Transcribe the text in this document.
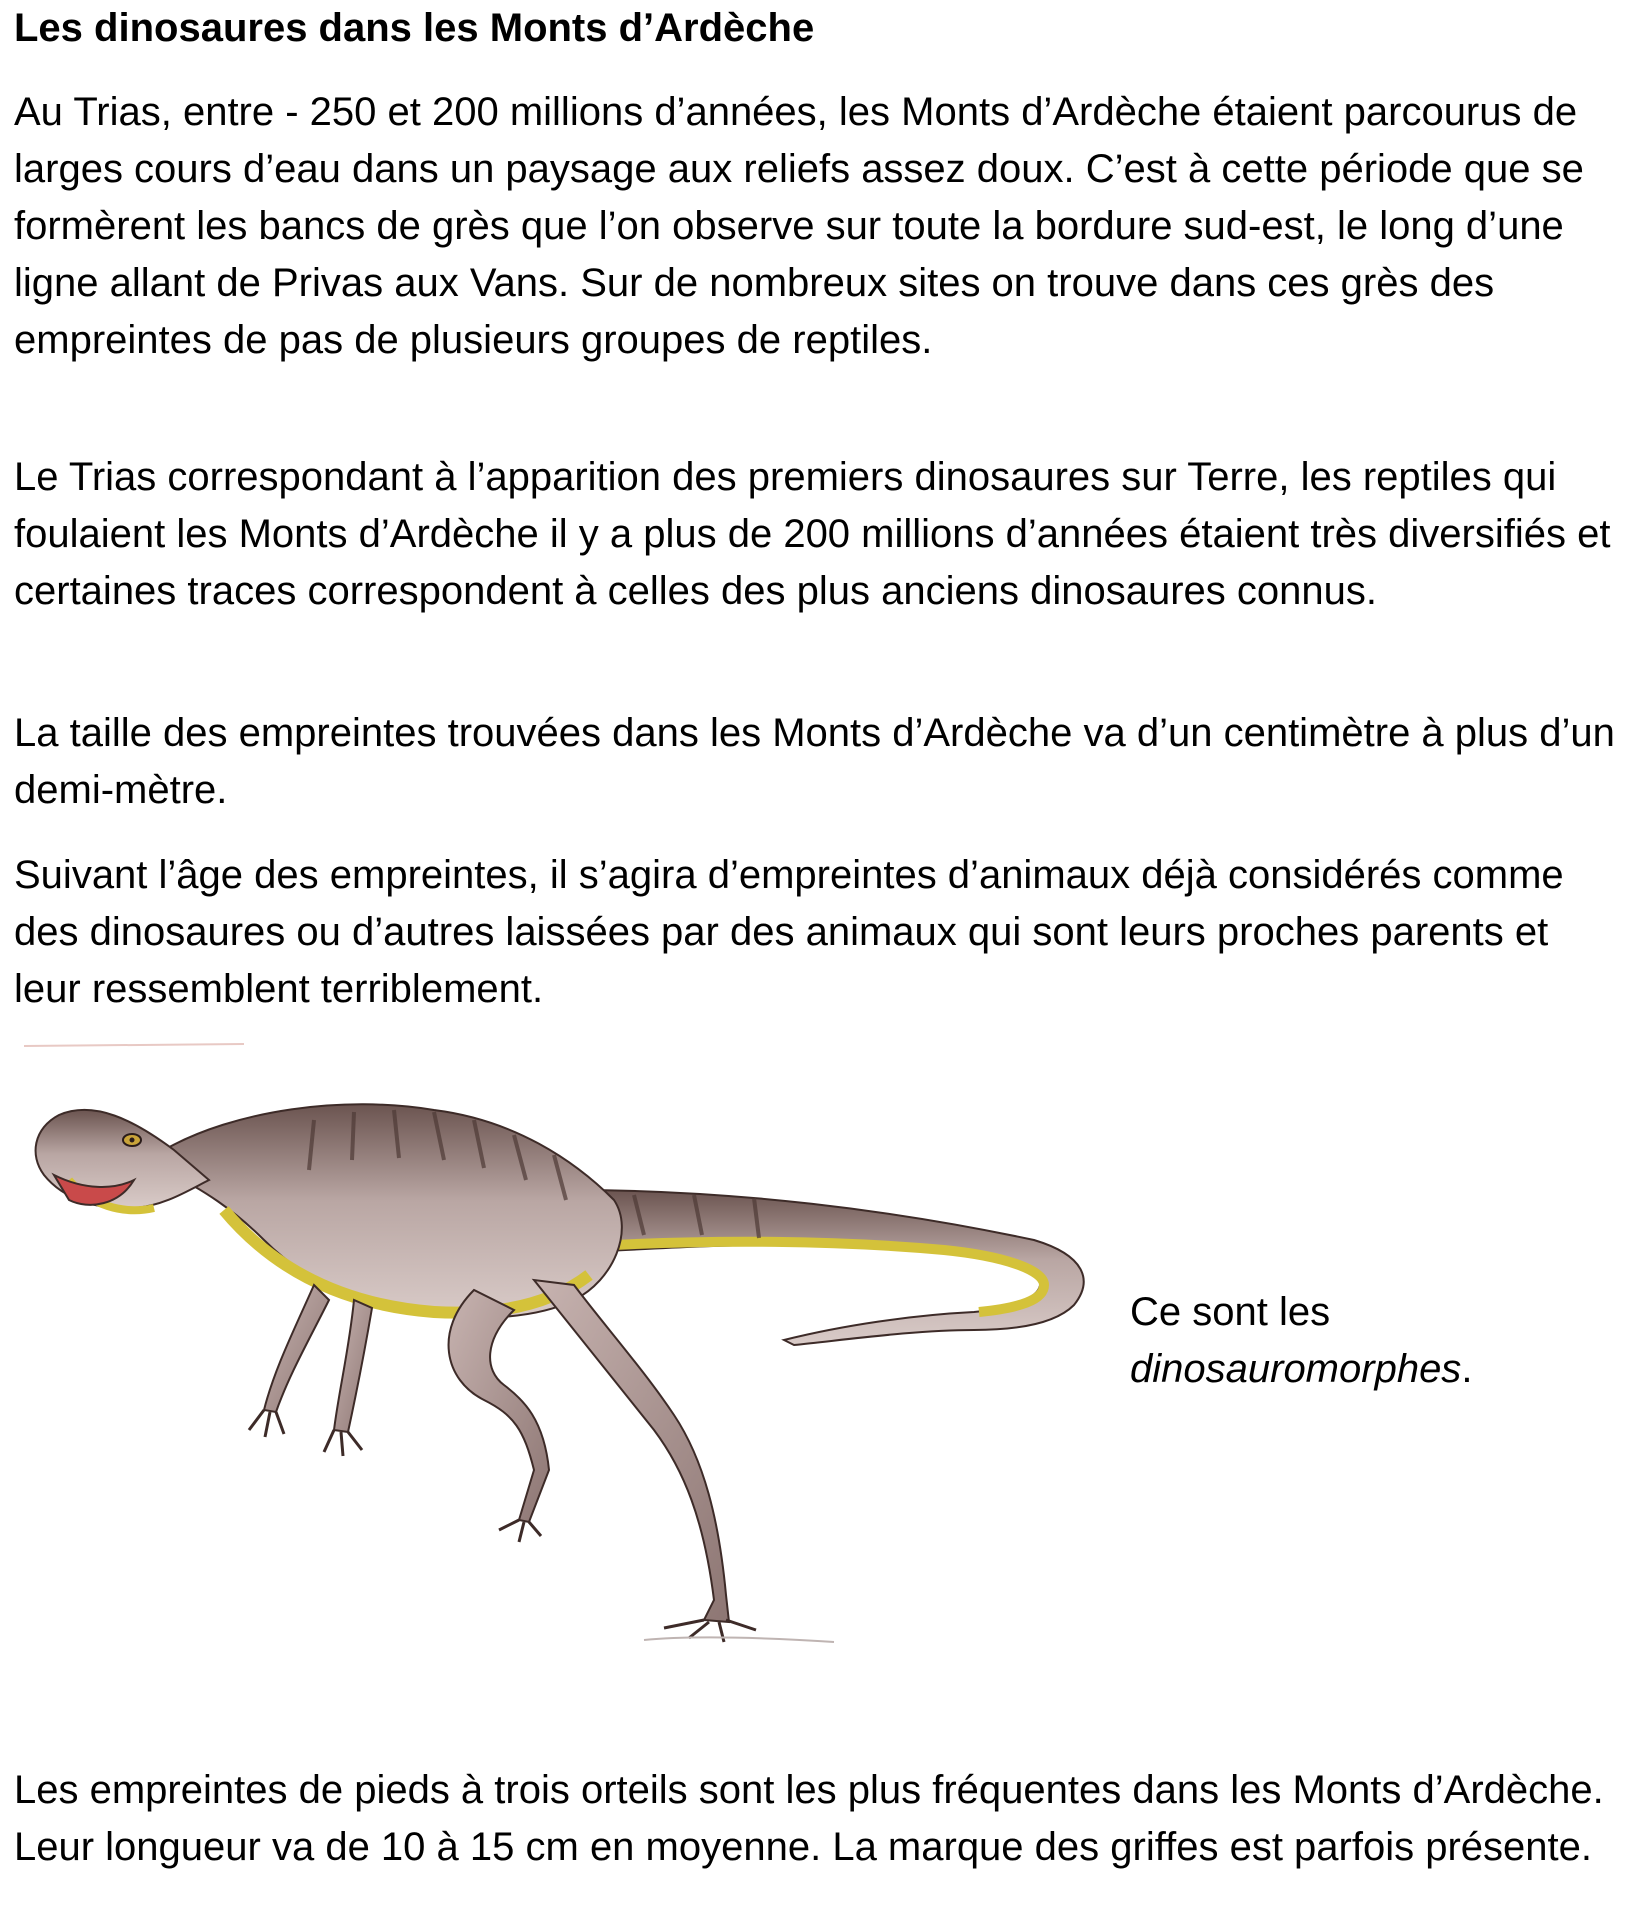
Les dinosaures dans les Monts d’Ardèche

Au Trias, entre - 250 et 200 millions d’années, les Monts d’Ardèche étaient parcourus de larges cours d’eau dans un paysage aux reliefs assez doux. C’est à cette période que se formèrent les bancs de grès que l’on observe sur toute la bordure sud-est, le long d’une ligne allant de Privas aux Vans. Sur de nombreux sites on trouve dans ces grès des empreintes de pas de plusieurs groupes de reptiles.

Le Trias correspondant à l’apparition des premiers dinosaures sur Terre, les reptiles qui foulaient les Monts d’Ardèche il y a plus de 200 millions d’années étaient très diversifiés et certaines traces correspondent à celles des plus anciens dinosaures connus.

La taille des empreintes trouvées dans les Monts d’Ardèche va d’un centimètre à plus d’un demi-mètre.

Suivant l’âge des empreintes, il s’agira d’empreintes d’animaux déjà considérés comme des dinosaures ou d’autres laissées par des animaux qui sont leurs proches parents et leur ressemblent terriblement.

Ce sont les
dinosauromorphes.

Les empreintes de pieds à trois orteils sont les plus fréquentes dans les Monts d’Ardèche. Leur longueur va de 10 à 15 cm en moyenne. La marque des griffes est parfois présente.
